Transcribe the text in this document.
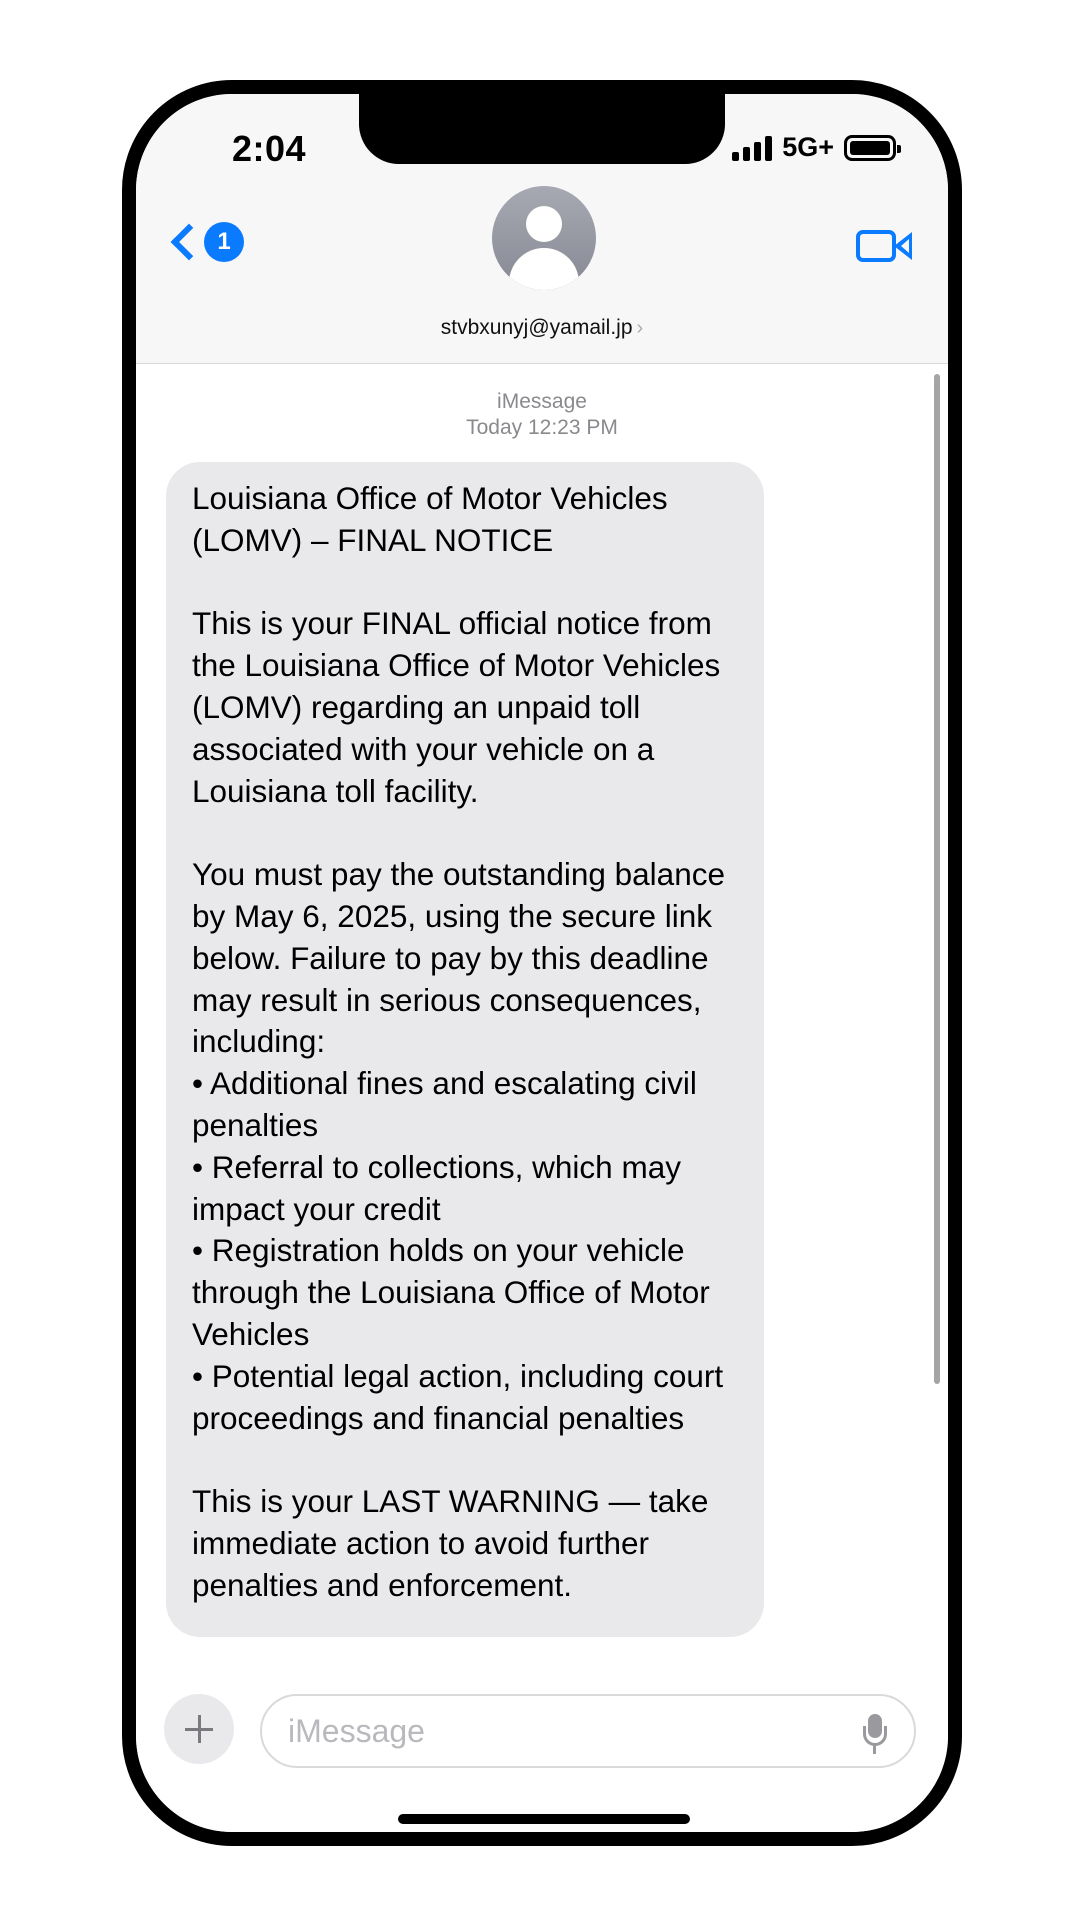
1
stvbxunyj@yamail.jp ›
2:04	5G+
iMessage
Today 12:23 PM
Louisiana Office of Motor Vehicles (LOMV) – FINAL NOTICE

This is your FINAL official notice from the Louisiana Office of Motor Vehicles (LOMV) regarding an unpaid toll associated with your vehicle on a Louisiana toll facility.

You must pay the outstanding balance by May 6, 2025, using the secure link below. Failure to pay by this deadline may result in serious consequences, including:
• Additional fines and escalating civil penalties
• Referral to collections, which may impact your credit
• Registration holds on your vehicle through the Louisiana Office of Motor Vehicles
• Potential legal action, including court proceedings and financial penalties

This is your LAST WARNING — take immediate action to avoid further penalties and enforcement.
iMessage
